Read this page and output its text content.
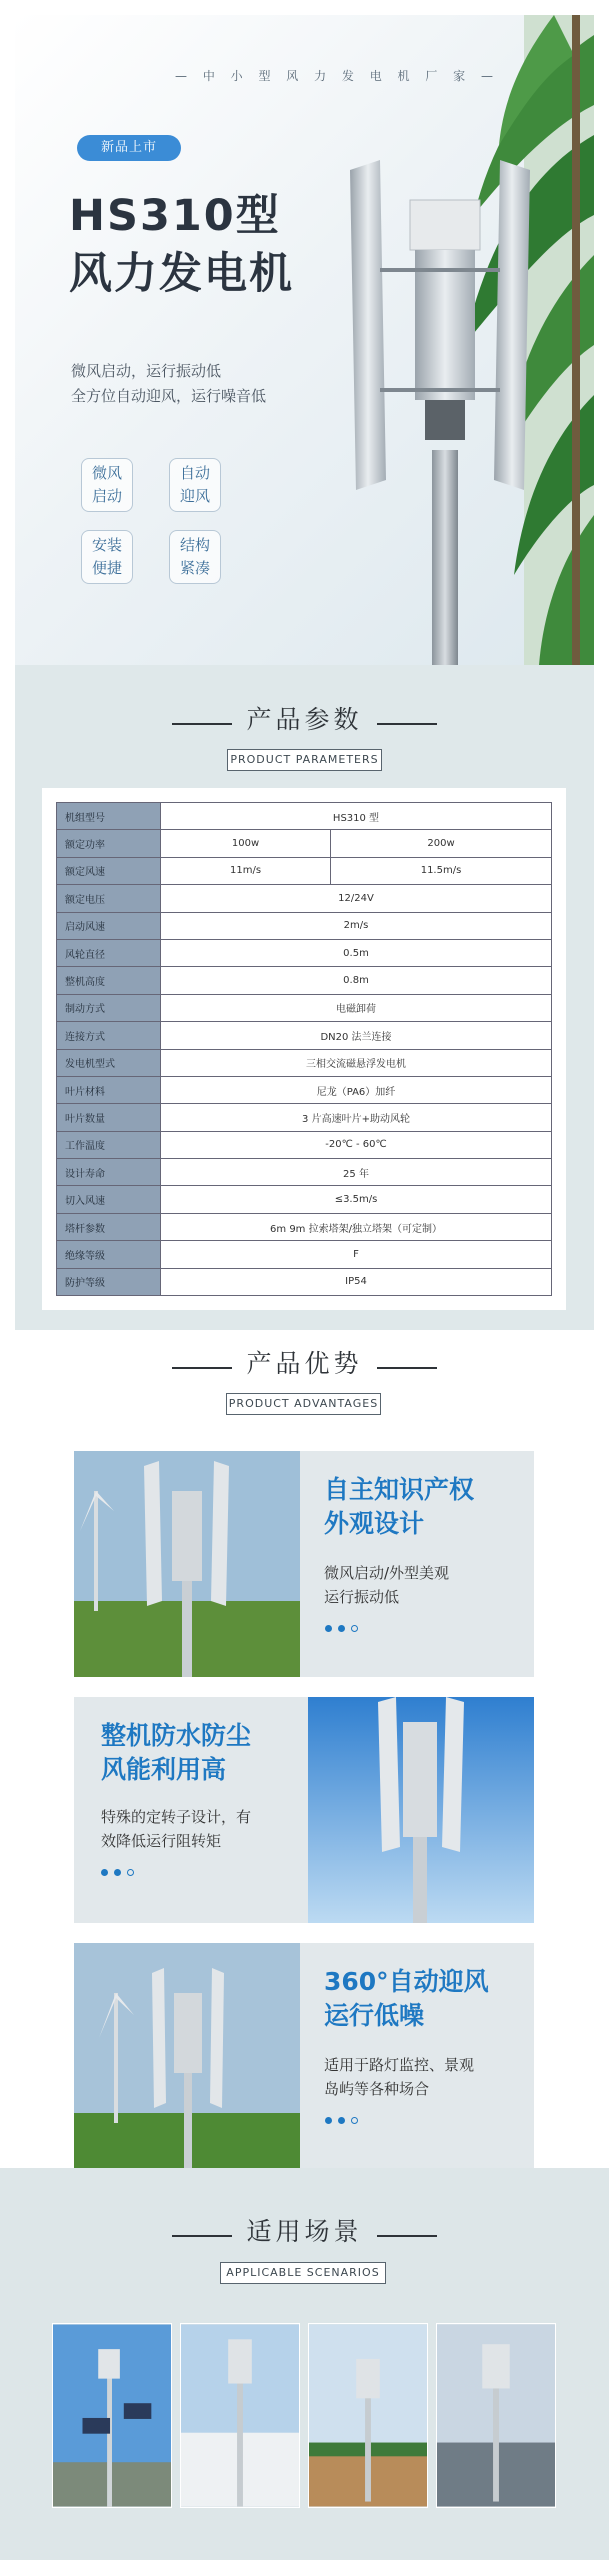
— 中 小 型 风 力 发 电 机 厂 家 —
新品上市
HS310型
风力发电机
微风启动，运行振动低
全方位自动迎风，运行噪音低
微风
启动
自动
迎风
安装
便捷
结构
紧凑
产品参数
PRODUCT PARAMETERS
机组型号	HS310 型	
额定功率	100w	200w
额定风速	11m/s	11.5m/s
额定电压	12/24V	
启动风速	2m/s	
风轮直径	0.5m	
整机高度	0.8m	
制动方式	电磁卸荷	
连接方式	DN20 法兰连接	
发电机型式	三相交流磁悬浮发电机	
叶片材料	尼龙（PA6）加纤	
叶片数量	3 片高速叶片+助动风轮	
工作温度	-20℃ - 60℃	
设计寿命	25 年	
切入风速	≤3.5m/s	
塔杆参数	6m 9m 拉索塔架/独立塔架（可定制）	
绝缘等级	F	
防护等级	IP54	
产品优势
PRODUCT ADVANTAGES
自主知识产权
外观设计
微风启动/外型美观
运行振动低
整机防水防尘
风能利用高
特殊的定转子设计，有
效降低运行阻转矩
360°自动迎风
运行低噪
适用于路灯监控、景观
岛屿等各种场合
适用场景
APPLICABLE SCENARIOS
